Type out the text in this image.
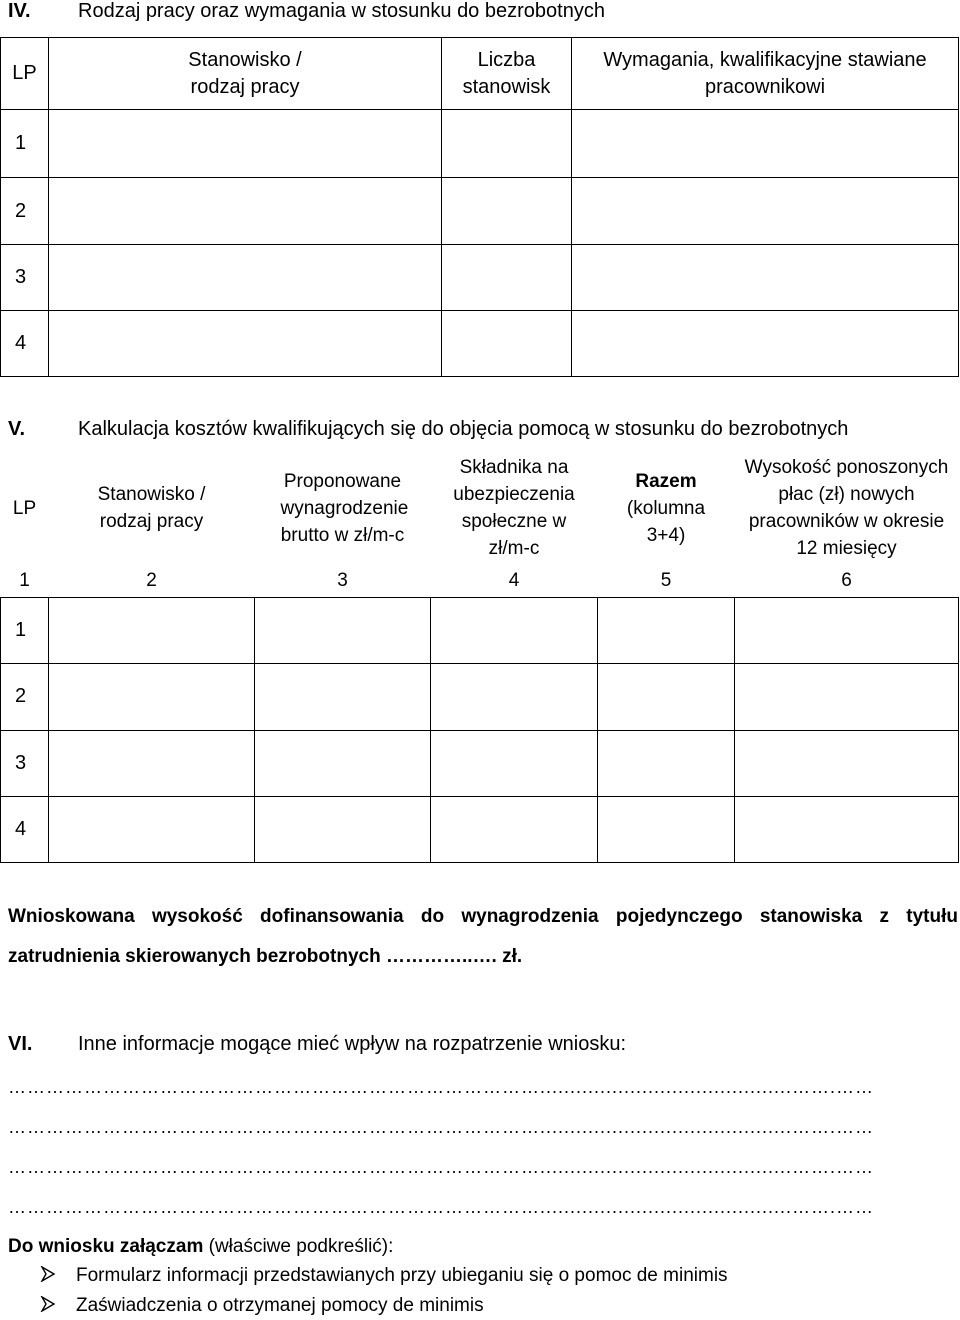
IV. Rodzaj pracy oraz wymagania w stosunku do bezrobotnych
LP	Stanowisko / rodzaj pracy	Liczba stanowisk	Wymagania, kwalifikacyjne stawiane pracownikowi
1			
2			
3			
4			
V.	Kalkulacja kosztów kwalifikujących się do objęcia pomocą w stosunku do bezrobotnych
LP	Stanowisko / rodzaj pracy	Proponowane wynagrodzenie brutto w zł/m-c	Składnika na ubezpieczenia społeczne w zł/m-c	Razem
(kolumna 3+4)	Wysokość ponoszonych płac (zł) nowych pracowników w okresie 12 miesięcy
1	2	3	4	5	6
1					
2					
3					
4					
Wnioskowana wysokość dofinansowania do wynagrodzenia pojedynczego stanowiska z tytułu
zatrudnienia skierowanych bezrobotnych …………..…. zł.
VI. Inne informacje mogące mieć wpływ na rozpatrzenie wniosku:
…………………………………………………………………………..........................................…….……
…………………………………………………………………………..........................................…….……
…………………………………………………………………………..........................................…….……
…………………………………………………………………………..........................................…….……
Do wniosku załączam (właściwe podkreślić):
Formularz informacji przedstawianych przy ubieganiu się o pomoc de minimis
Zaświadczenia o otrzymanej pomocy de minimis
